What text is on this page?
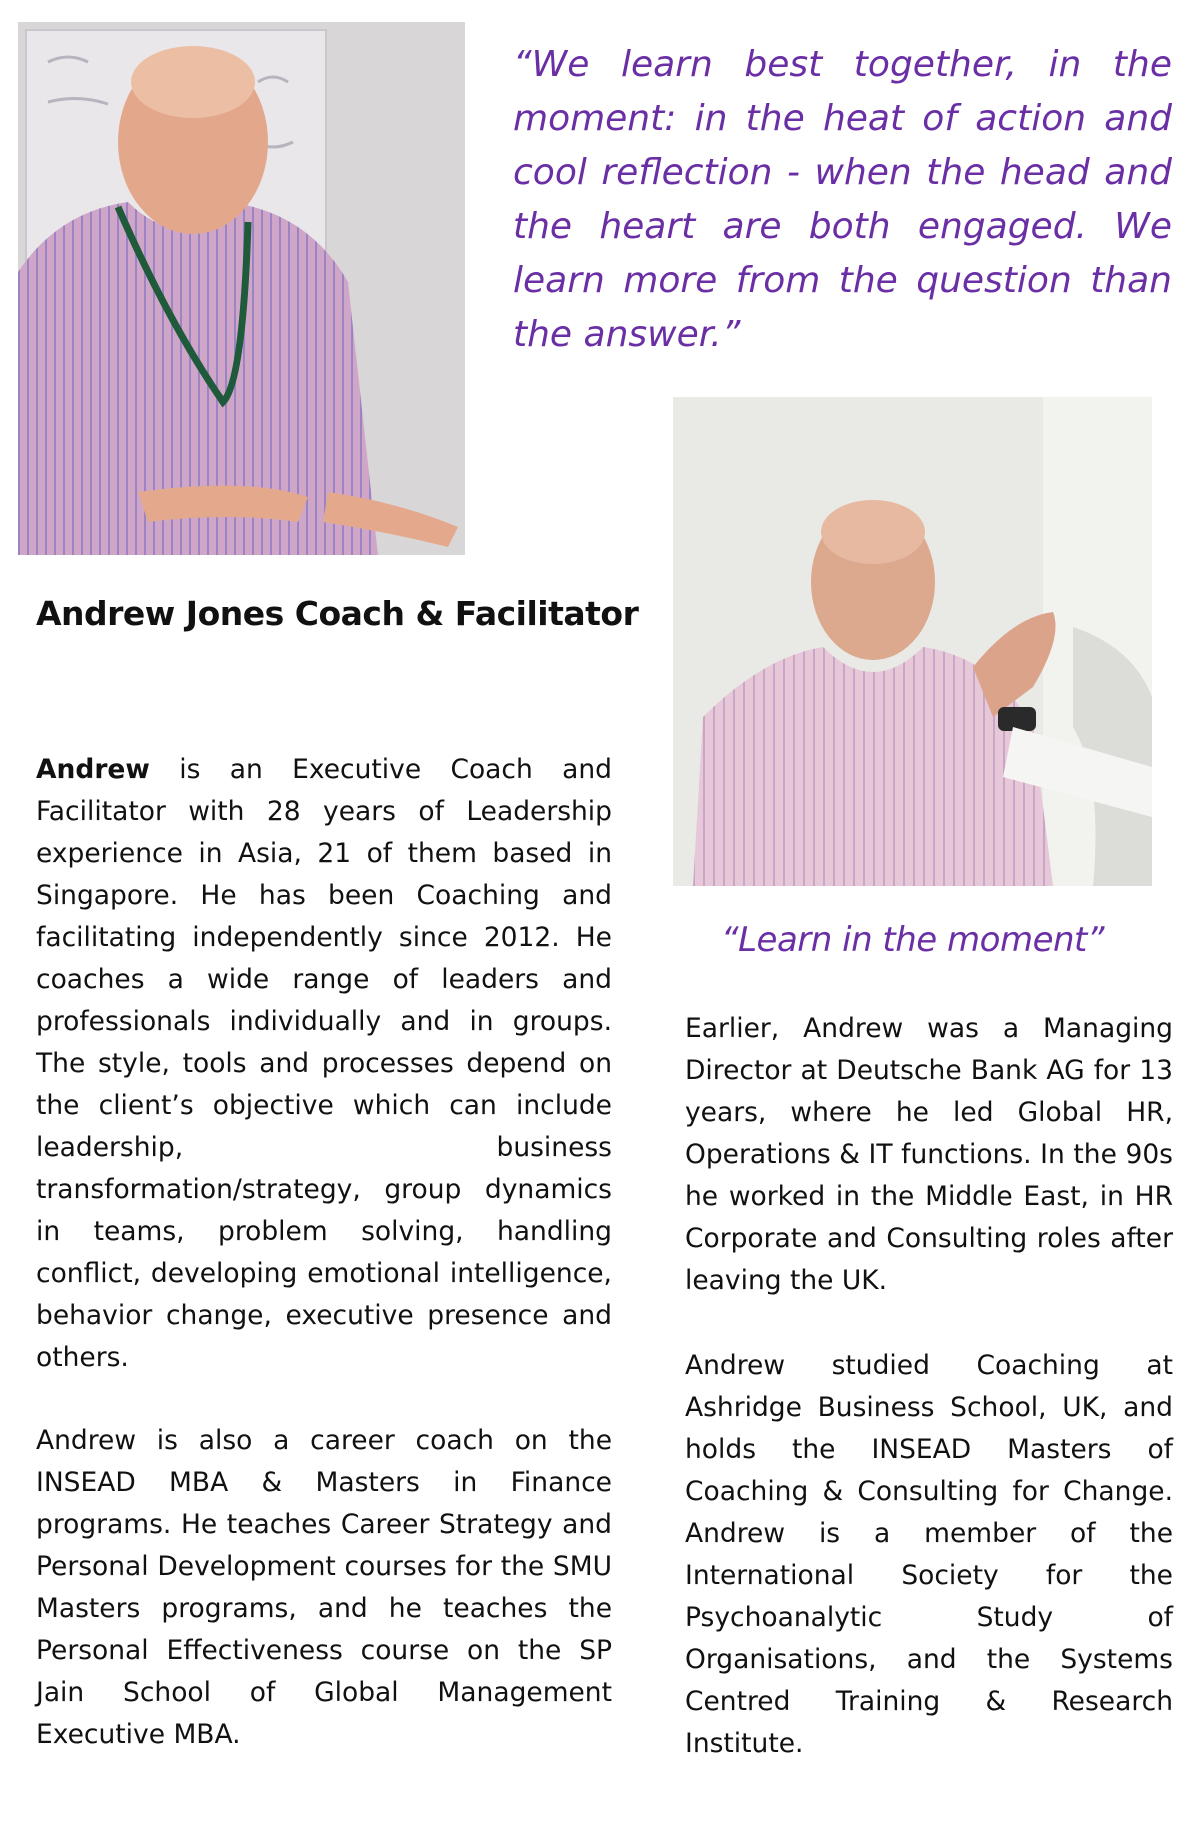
“We learn best together, in the moment: in the heat of action and cool reflection - when the head and the heart are both engaged. We learn more from the question than the answer.”

Andrew Jones Coach & Facilitator

“Learn in the moment”

Andrew is an Executive Coach and Facilitator with 28 years of Leadership experience in Asia, 21 of them based in Singapore. He has been Coaching and facilitating independently since 2012. He coaches a wide range of leaders and professionals individually and in groups. The style, tools and processes depend on the client’s objective which can include leadership, business transformation/strategy, group dynamics in teams, problem solving, handling conflict, developing emotional intelligence, behavior change, executive presence and others.

Andrew is also a career coach on the INSEAD MBA & Masters in Finance programs. He teaches Career Strategy and Personal Development courses for the SMU Masters programs, and he teaches the Personal Effectiveness course on the SP Jain School of Global Management Executive MBA.

Earlier, Andrew was a Managing Director at Deutsche Bank AG for 13 years, where he led Global HR, Operations & IT functions. In the 90s he worked in the Middle East, in HR Corporate and Consulting roles after leaving the UK.

Andrew studied Coaching at Ashridge Business School, UK, and holds the INSEAD Masters of Coaching & Consulting for Change. Andrew is a member of the International Society for the Psychoanalytic Study of Organisations, and the Systems Centred Training & Research Institute.
